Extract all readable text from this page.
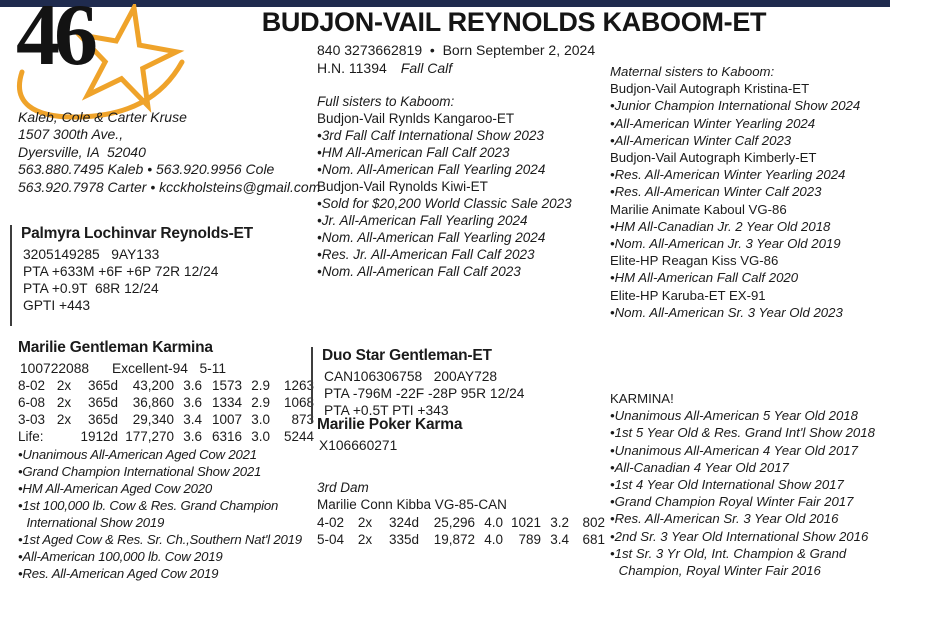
46	BUDJON-VAIL REYNOLDS KABOOM-ET
840 3273662819  •  Born September 2, 2024
H.N. 11394 Fall Calf
Kaleb, Cole & Carter Kruse
1507 300th Ave.,
Dyersville, IA  52040
563.880.7495 Kaleb • 563.920.9956 Cole
563.920.7978 Carter • kcckholsteins@gmail.com
Palmyra Lochinvar Reynolds-ET
3205149285   9AY133
PTA +633M +6F +6P 72R 12/24
PTA +0.9T  68R 12/24
GPTI +443
Marilie Gentleman Karmina
100722088      Excellent-94   5-11
8-02 2x	365d	43,200 3.6 1573 2.9	1263
6-08 2x	365d	36,860 3.6 1334 2.9	1068
3-03 2x	365d	29,340 3.4 1007 3.0	873
Life:	1912d 177,270 3.6 6316 3.0	5244
•Unanimous All-American Aged Cow 2021
•Grand Champion International Show 2021
•HM All-American Aged Cow 2020
•1st 100,000 lb. Cow & Res. Grand Champion
International Show 2019
•1st Aged Cow & Res. Sr. Ch.,Southern Nat'l 2019
•All-American 100,000 lb. Cow 2019
•Res. All-American Aged Cow 2019
Full sisters to Kaboom:
Budjon-Vail Rynlds Kangaroo-ET
•3rd Fall Calf International Show 2023
•HM All-American Fall Calf 2023
•Nom. All-American Fall Yearling 2024
Budjon-Vail Rynolds Kiwi-ET
•Sold for $20,200 World Classic Sale 2023
•Jr. All-American Fall Yearling 2024
•Nom. All-American Fall Yearling 2024
•Res. Jr. All-American Fall Calf 2023
•Nom. All-American Fall Calf 2023
Duo Star Gentleman-ET
CAN106306758   200AY728
PTA -796M -22F -28P 95R 12/24
PTA +0.5T PTI +343
Marilie Poker Karma
X106660271
3rd Dam
Marilie Conn Kibba VG-85-CAN
4-02	2x	324d	25,296 4.0 1021 3.2 802
5-04	2x	335d	19,872 4.0	789 3.4 681
Maternal sisters to Kaboom:
Budjon-Vail Autograph Kristina-ET
•Junior Champion International Show 2024
•All-American Winter Yearling 2024
•All-American Winter Calf 2023
Budjon-Vail Autograph Kimberly-ET
•Res. All-American Winter Yearling 2024
•Res. All-American Winter Calf 2023
Marilie Animate Kaboul VG-86
•HM All-Canadian Jr. 2 Year Old 2018
•Nom. All-American Jr. 3 Year Old 2019
Elite-HP Reagan Kiss VG-86
•HM All-American Fall Calf 2020
Elite-HP Karuba-ET EX-91
•Nom. All-American Sr. 3 Year Old 2023
KARMINA!
•Unanimous All-American 5 Year Old 2018
•1st 5 Year Old & Res. Grand Int'l Show 2018
•Unanimous All-American 4 Year Old 2017
•All-Canadian 4 Year Old 2017
•1st 4 Year Old International Show 2017
•Grand Champion Royal Winter Fair 2017
•Res. All-American Sr. 3 Year Old 2016
•2nd Sr. 3 Year Old International Show 2016
•1st Sr. 3 Yr Old, Int. Champion & Grand
Champion, Royal Winter Fair 2016
